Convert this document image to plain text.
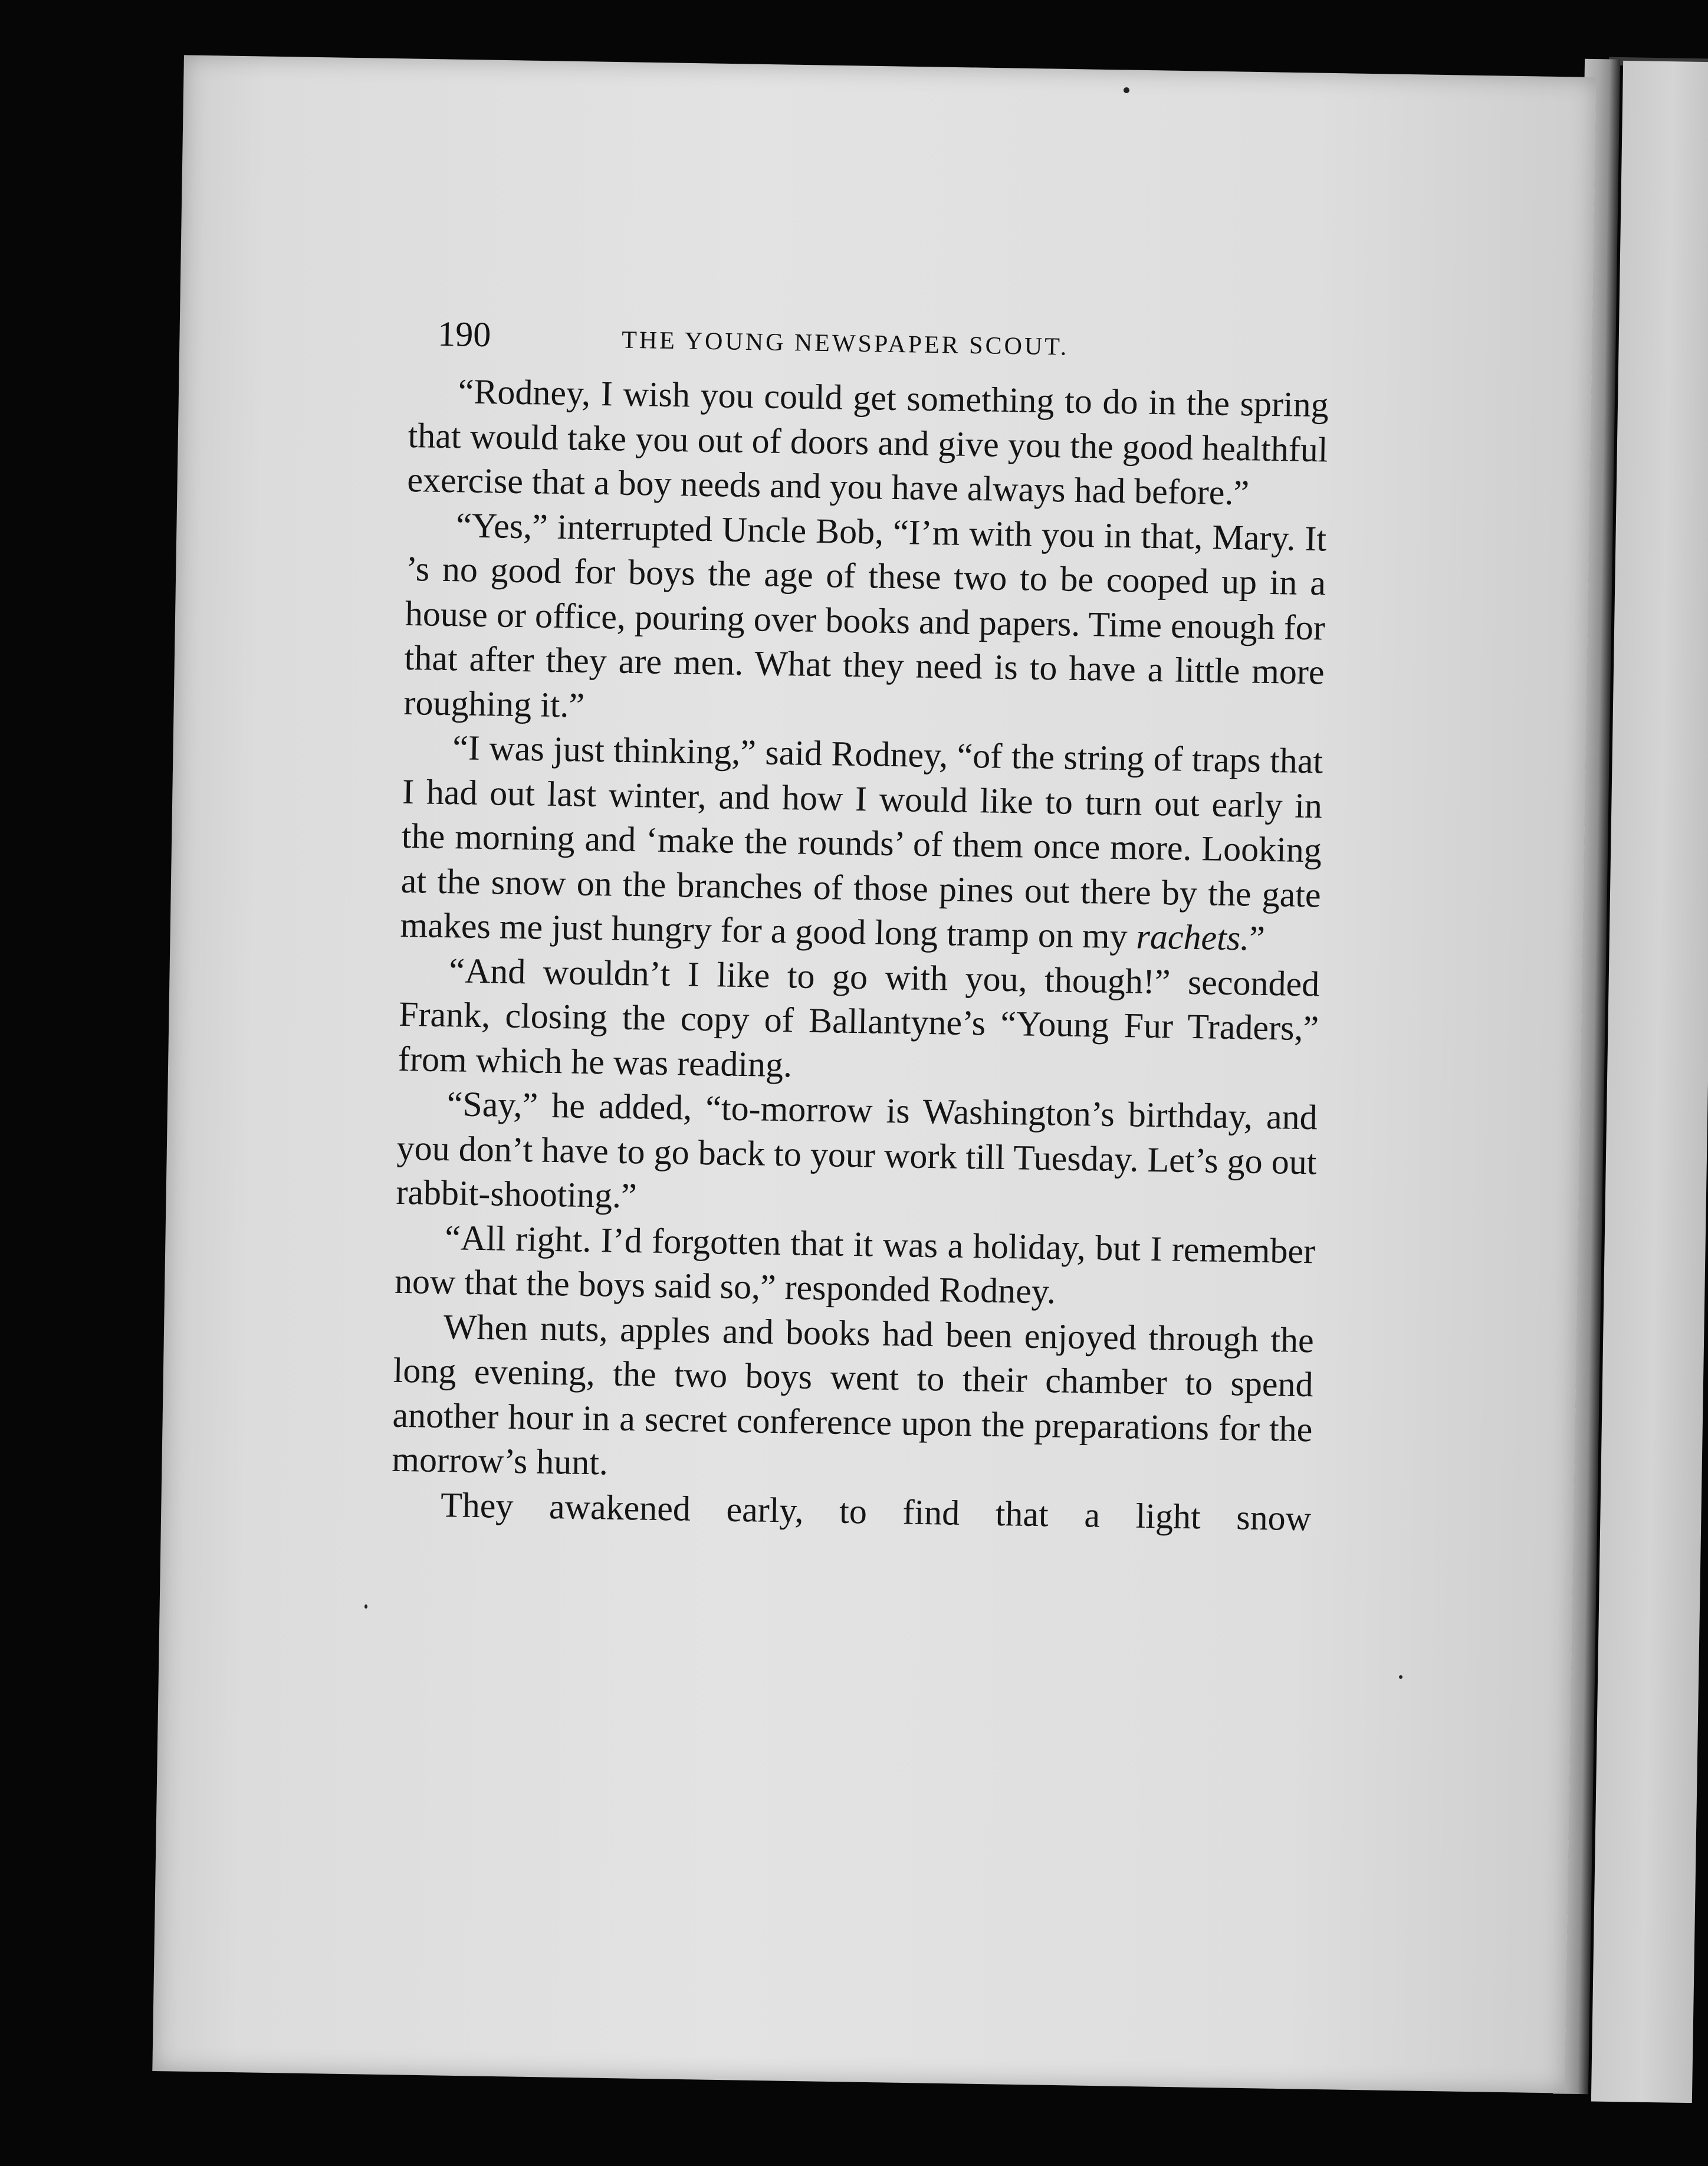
190	THE YOUNG NEWSPAPER SCOUT.

“Rodney, I wish you could get something to do in the spring that would take you out of doors and give you the good healthful exercise that a boy needs and you have always had before.”

“Yes,” interrupted Uncle Bob, “I’m with you in that, Mary. It ’s no good for boys the age of these two to be cooped up in a house or office, pouring over books and papers. Time enough for that after they are men. What they need is to have a little more roughing it.”

“I was just thinking,” said Rodney, “of the string of traps that I had out last winter, and how I would like to turn out early in the morning and ‘make the rounds’ of them once more. Looking at the snow on the branches of those pines out there by the gate makes me just hungry for a good long tramp on my rachets.”

“And wouldn’t I like to go with you, though!” seconded Frank, closing the copy of Ballantyne’s “Young Fur Traders,” from which he was reading.

“Say,” he added, “to-morrow is Washington’s birthday, and you don’t have to go back to your work till Tuesday. Let’s go out rabbit-shooting.”

“All right. I’d forgotten that it was a holiday, but I remember now that the boys said so,” responded Rodney.

When nuts, apples and books had been enjoyed through the long evening, the two boys went to their chamber to spend another hour in a secret conference upon the preparations for the morrow’s hunt.

They awakened early, to find that a light snow
